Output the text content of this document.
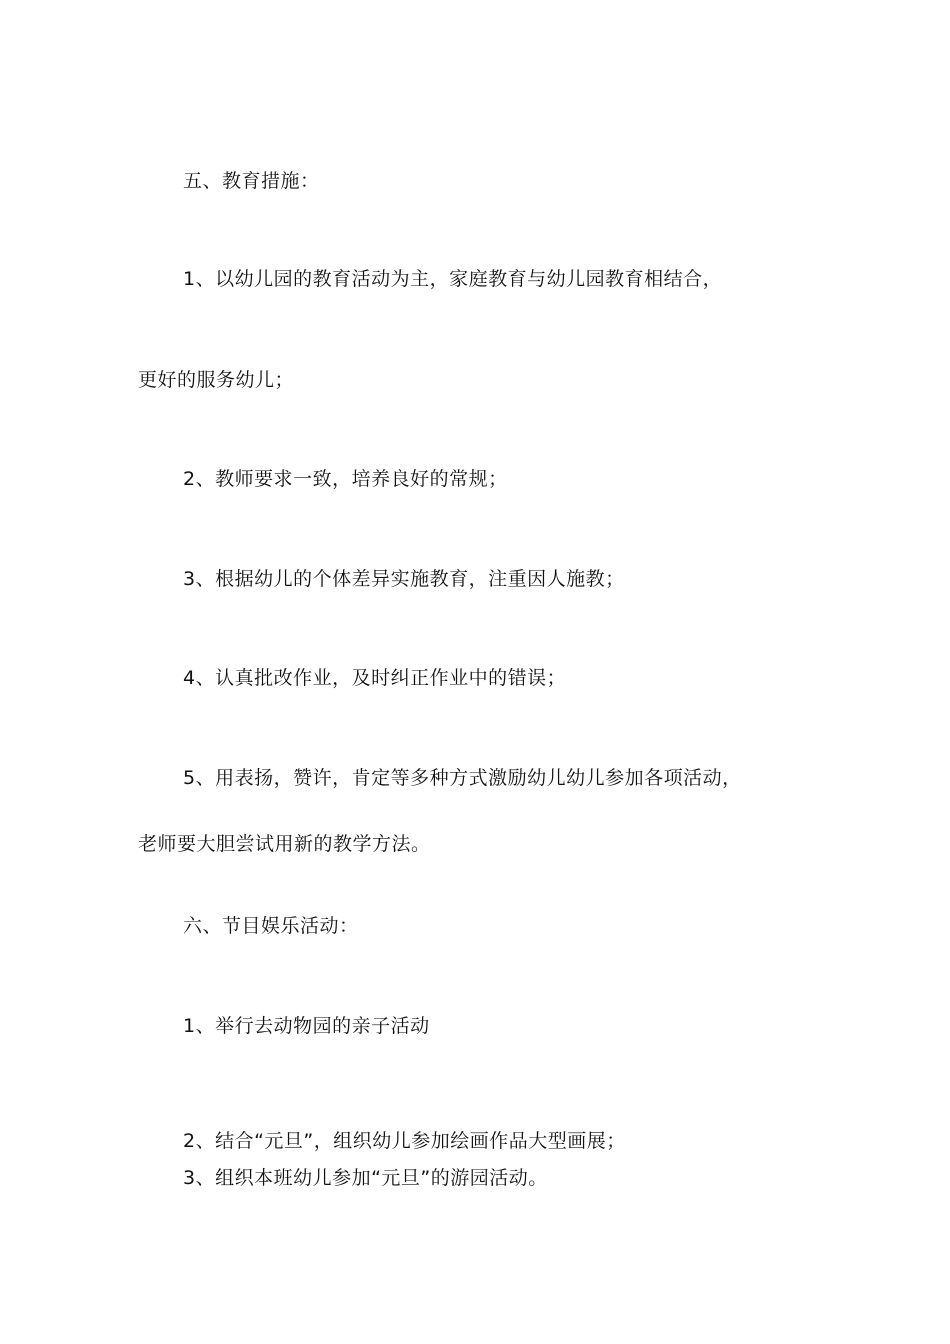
五、教育措施：
1、以幼儿园的教育活动为主，家庭教育与幼儿园教育相结合，
更好的服务幼儿；
2、教师要求一致，培养良好的常规；
3、根据幼儿的个体差异实施教育，注重因人施教；
4、认真批改作业，及时纠正作业中的错误；
5、用表扬，赞许，肯定等多种方式激励幼儿幼儿参加各项活动，
老师要大胆尝试用新的教学方法。
六、节目娱乐活动：
1、举行去动物园的亲子活动
2、结合“元旦”，组织幼儿参加绘画作品大型画展；
3、组织本班幼儿参加“元旦”的游园活动。
